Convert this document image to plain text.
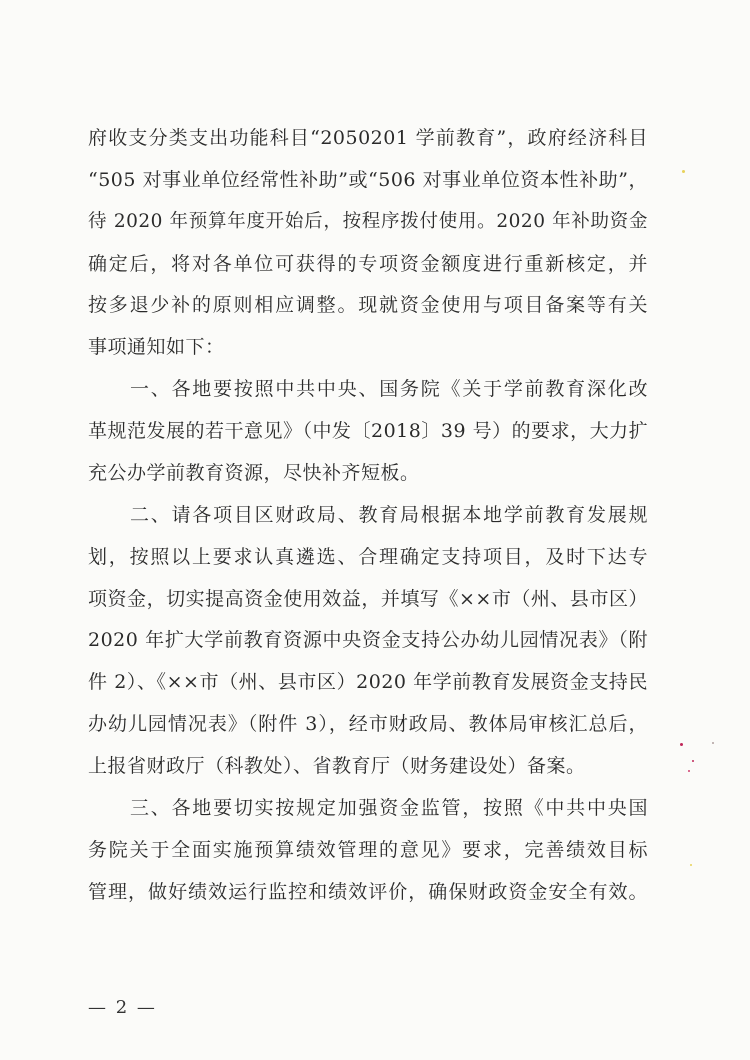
府收支分类支出功能科目“2050201 学前教育”，政府经济科目
“505 对事业单位经常性补助”或“506 对事业单位资本性补助”，
待 2020 年预算年度开始后，按程序拨付使用。2020 年补助资金
确定后，将对各单位可获得的专项资金额度进行重新核定，并
按多退少补的原则相应调整。现就资金使用与项目备案等有关
事项通知如下：
一、各地要按照中共中央、国务院《关于学前教育深化改
革规范发展的若干意见》（中发〔2018〕39 号）的要求，大力扩
充公办学前教育资源，尽快补齐短板。
二、请各项目区财政局、教育局根据本地学前教育发展规
划，按照以上要求认真遴选、合理确定支持项目，及时下达专
项资金，切实提高资金使用效益，并填写《××市（州、县市区）
2020 年扩大学前教育资源中央资金支持公办幼儿园情况表》（附
件 2）、《××市（州、县市区）2020 年学前教育发展资金支持民
办幼儿园情况表》（附件 3），经市财政局、教体局审核汇总后，
上报省财政厅（科教处）、省教育厅（财务建设处）备案。
三、各地要切实按规定加强资金监管，按照《中共中央国
务院关于全面实施预算绩效管理的意见》要求，完善绩效目标
管理，做好绩效运行监控和绩效评价，确保财政资金安全有效。
— 2 —
